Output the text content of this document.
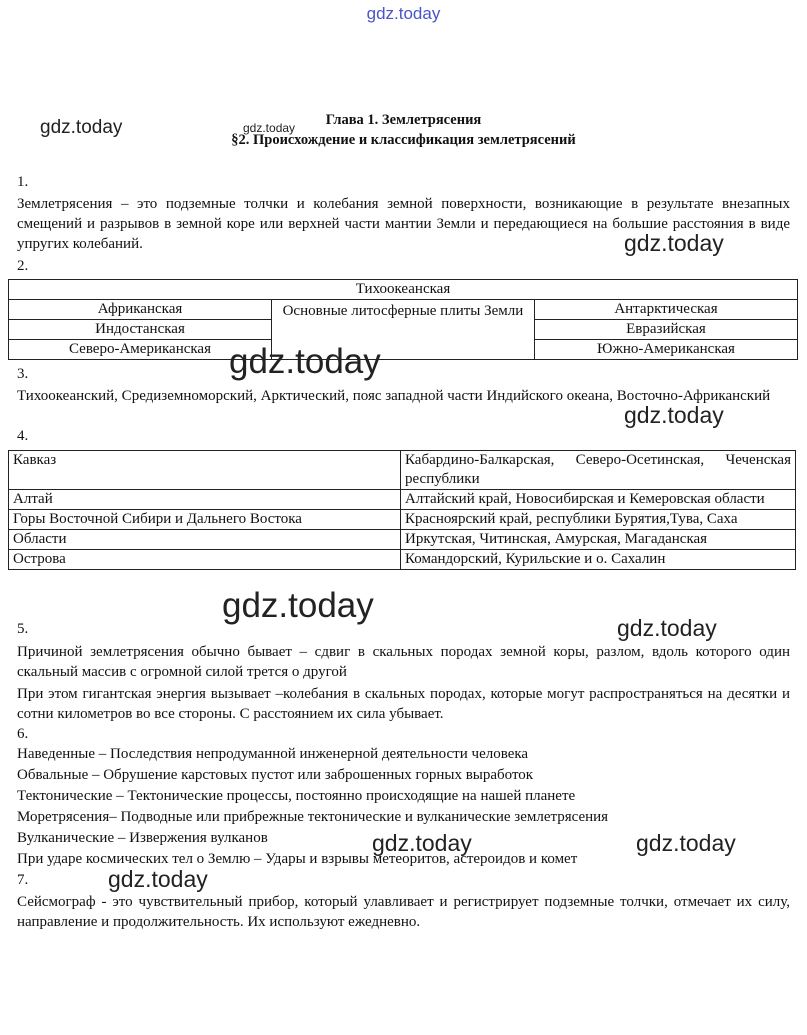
gdz.today
Глава 1. Землетрясения
§2. Происхождение и классификация землетрясений
1.
Землетрясения – это подземные толчки и колебания земной поверхности, возникающие в результате внезапных смещений и разрывов в земной коре или верхней части мантии Земли и передающиеся на большие расстояния в виде упругих колебаний.
2.
Тихоокеанская		
Африканская	Основные литосферные плиты Земли	Антарктическая
Индостанская		Евразийская
Северо-Американская		Южно-Американская
3.
Тихоокеанский, Средиземноморский, Арктический, пояс западной части Индийского океана, Восточно-Африканский
4.
Кавказ	Кабардино-Балкарская, Северо-Осетинская, Чеченская республики
Алтай	Алтайский край, Новосибирская и Кемеровская области
Горы Восточной Сибири и Дальнего Востока	Красноярский край, республики Бурятия,Тува, Саха
Области	Иркутская, Читинская, Амурская, Магаданская
Острова	Командорский, Курильские и о. Сахалин
5.
Причиной землетрясения обычно бывает – сдвиг в скальных породах земной коры, разлом, вдоль которого один скальный массив с огромной силой трется о другой
При этом гигантская энергия вызывает –колебания в скальных породах, которые могут распространяться на десятки и сотни километров во все стороны. С расстоянием их сила убывает.
6.
Наведенные – Последствия непродуманной инженерной деятельности человека
Обвальные – Обрушение карстовых пустот или заброшенных горных выработок
Тектонические – Тектонические процессы, постоянно происходящие на нашей планете
Моретрясения– Подводные или прибрежные тектонические и вулканические землетрясения
Вулканические – Извержения вулканов
При ударе космических тел о Землю – Удары и взрывы метеоритов, астероидов и комет
7.
Сейсмограф - это чувствительный прибор, который улавливает и регистрирует подземные толчки, отмечает их силу, направление и продолжительность. Их используют ежедневно.
gdz.today	gdz.today
gdz.today
gdz.today
gdz.today
gdz.today
gdz.today
gdz.today	gdz.today
gdz.today
